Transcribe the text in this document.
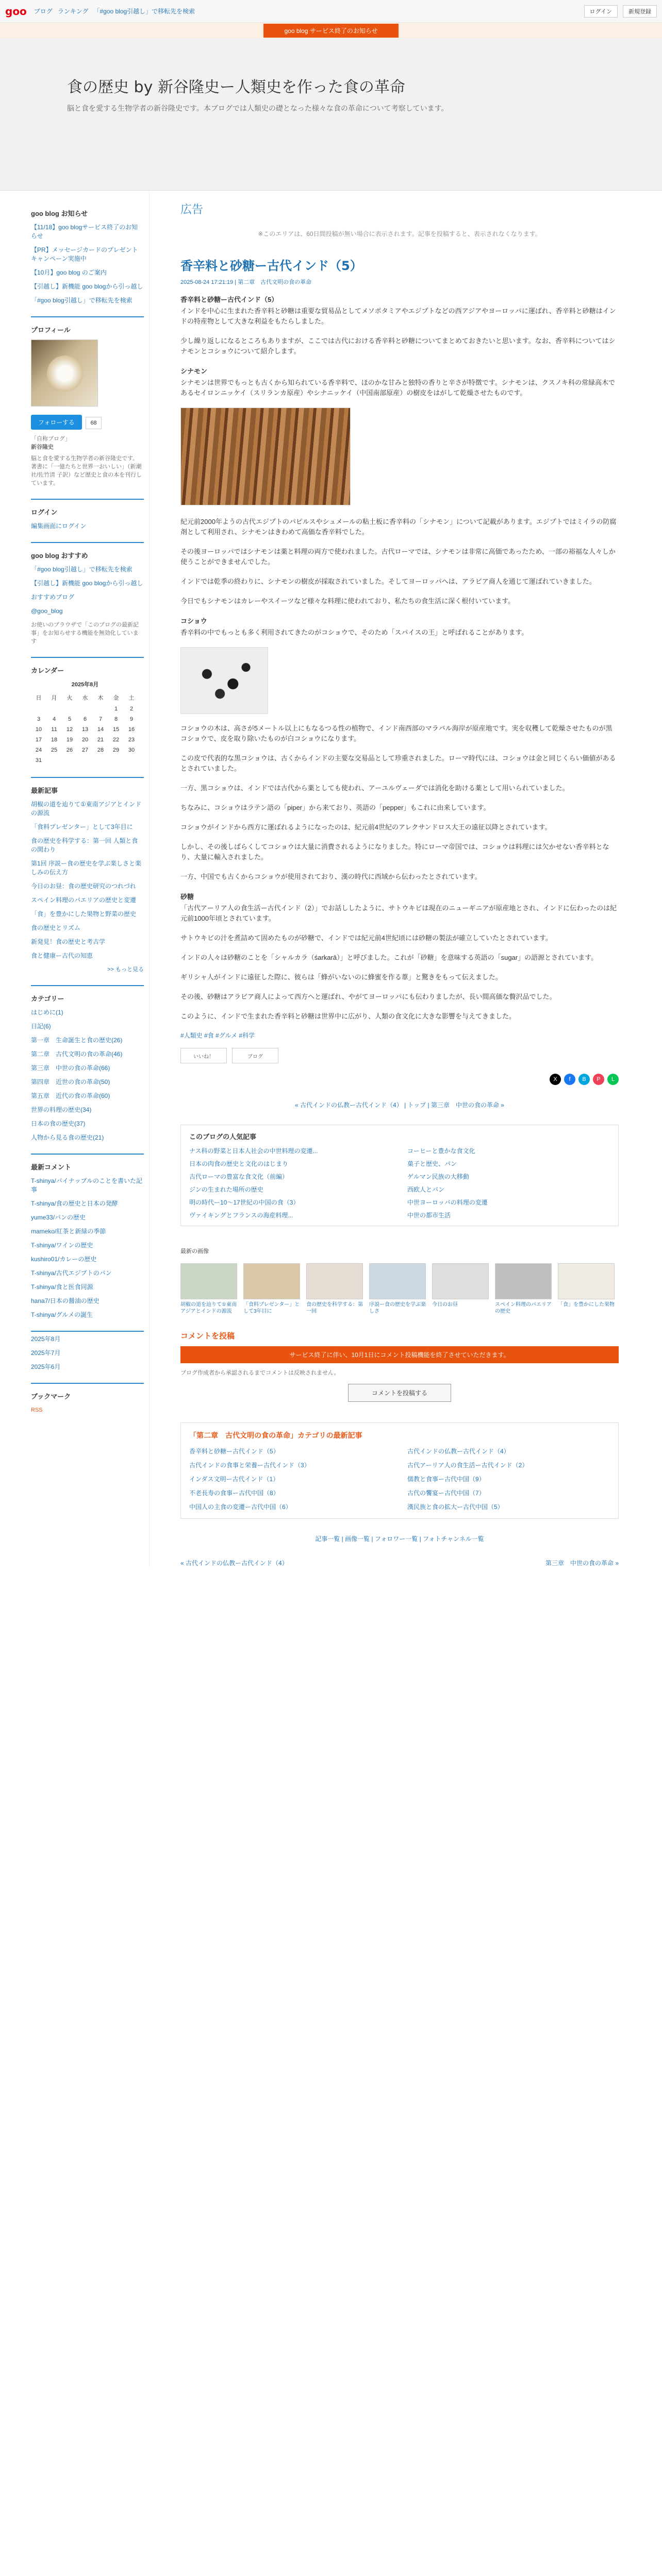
goo ブログ ランキング 「#goo blog引越し」で移転先を検索	ログイン	新規登録
goo blog サービス終了のお知らせ
食の歴史 by 新谷隆史ー人類史を作った食の革命
脳と食を愛する生物学者の新谷隆史です。本ブログでは人類史の礎となった様々な食の革命について考察しています。
goo blog お知らせ
【11/18】goo blogサービス終了のお知らせ
【PR】メッセージカードのプレゼントキャンペーン実施中
【10月】goo blog のご案内
【引越し】新機能 goo blogから引っ越し
「#goo blog引越し」で移転先を検索
プロフィール
フォローする	68

「自称ブログ」

新谷隆史

脳と食を愛する生物学者の新谷隆史です。著書に「一億たちと世界一おいしい」（新潮社/佐竹清 子訳）など歴史と食の本を刊行しています。

ログイン
編集画面にログイン
goo blog おすすめ
「#goo blog引越し」で移転先を検索
【引越し】新機能 goo blogから引っ越し
おすすめブログ
@goo_blog

お使いのブラウザで「このブログの最新記事」をお知らせする機能を無効化しています

カレンダー
2025年8月
日	月	火	水	木	金	土
					1	2
3	4	5	6	7	8	9
10	11	12	13	14	15	16
17	18	19	20	21	22	23
24	25	26	27	28	29	30
31						
最新記事
胡椒の道を辿りて①東南アジアとインドの源流
「食料プレゼンター」として3年目に
食の歴史を科学する：第一回 人類と食の関わり
第1回 序説ー食の歴史を学ぶ楽しさと楽しみの伝え方
今日のお昼：食の歴史研究のつれづれ
スペイン料理のパエリアの歴史と変遷
「食」を豊かにした果物と野菜の歴史
食の歴史とリズム
新発見！食の歴史と考古学
食と健康ー古代の知恵

>> もっと見る

カテゴリー
はじめに(1)
日記(6)
第一章　生命誕生と食の歴史(26)
第二章　古代文明の食の革命(46)
第三章　中世の食の革命(66)
第四章　近世の食の革命(50)
第五章　近代の食の革命(60)
世界の料理の歴史(34)
日本の食の歴史(37)
人物から見る食の歴史(21)
最新コメント
T-shinya/パイナップルのことを書いた記事
T-shinya/食の歴史と日本の発酵
yume33/パンの歴史
mameko/紅茶と新緑の季節
T-shinya/ワインの歴史
kushiro01/カレーの歴史
T-shinya/古代エジプトのパン
T-shinya/食と医食同源
hana7/日本の醤油の歴史
T-shinya/グルメの誕生
2025年8月
2025年7月
2025年6月
ブックマーク

RSS

広告
※このエリアは、60日間投稿が無い場合に表示されます。記事を投稿すると、表示されなくなります。
香辛料と砂糖ー古代インド（5）
2025-08-24 17:21:19 | 第二章　古代文明の食の革命
香辛料と砂糖ー古代インド（5）

インドを中心に生まれた香辛料と砂糖は重要な貿易品としてメソポタミアやエジプトなどの西アジアやヨーロッパに運ばれ、香辛料と砂糖はインドの特産物として大きな利益をもたらしました。

少し繰り返しになるところもありますが、ここでは古代における香辛料と砂糖についてまとめておきたいと思います。なお、香辛料についてはシナモンとコショウについて紹介します。

シナモン

シナモンは世界でもっとも古くから知られている香辛料で、ほのかな甘みと独特の香りと辛さが特徴です。シナモンは、クスノキ科の常緑高木であるセイロンニッケイ（スリランカ原産）やシナニッケイ（中国南部原産）の樹皮をはがして乾燥させたものです。

紀元前2000年ようの古代エジプトのパピルスやシュメールの粘土板に香辛料の「シナモン」について記載があります。エジプトではミイラの防腐剤として利用され、シナモンはきわめて高価な香辛料でした。

その後ヨーロッパではシナモンは薬と料理の両方で使われました。古代ローマでは、シナモンは非常に高価であったため、一部の裕福な人々しか使うことができませんでした。

インドでは乾季の終わりに、シナモンの樹皮が採取されていました。そしてヨーロッパへは、アラビア商人を通じて運ばれていきました。

今日でもシナモンはカレーやスイーツなど様々な料理に使われており、私たちの食生活に深く根付いています。

コショウ

香辛料の中でもっとも多く利用されてきたのがコショウで、そのため「スパイスの王」と呼ばれることがあります。

コショウの木は、高さが5メートル以上にもなるつる性の植物で、インド南西部のマラバル海岸が原産地です。実を収穫して乾燥させたものが黒コショウで、皮を取り除いたものが白コショウになります。

この皮で代表的な黒コショウは、古くからインドの主要な交易品として珍重されました。ローマ時代には、コショウは金と同じくらい価値があるとされていました。

一方、黒コショウは、インドでは古代から薬としても使われ、アーユルヴェーダでは消化を助ける薬として用いられていました。

ちなみに、コショウはラテン語の「piper」から来ており、英語の「pepper」もこれに由来しています。

コショウがインドから西方に運ばれるようになったのは、紀元前4世紀のアレクサンドロス大王の遠征以降とされています。

しかし、その後しばらくしてコショウは大量に消費されるようになりました。特にローマ帝国では、コショウは料理には欠かせない香辛料となり、大量に輸入されました。

一方、中国でも古くからコショウが使用されており、漢の時代に西域から伝わったとされています。

砂糖

「古代アーリア人の食生活ー古代インド（2）」でお話ししたように、サトウキビは現在のニューギニアが原産地とされ、インドに伝わったのは紀元前1000年頃とされています。

サトウキビの汁を煮詰めて固めたものが砂糖で、インドでは紀元前4世紀頃には砂糖の製法が確立していたとされています。

インドの人々は砂糖のことを「シャルカラ（śarkarā）」と呼びました。これが「砂糖」を意味する英語の「sugar」の語源とされています。

ギリシャ人がインドに遠征した際に、彼らは「蜂がいないのに蜂蜜を作る葦」と驚きをもって伝えました。

その後、砂糖はアラビア商人によって西方へと運ばれ、やがてヨーロッパにも伝わりましたが、長い間高価な贅沢品でした。

このように、インドで生まれた香辛料と砂糖は世界中に広がり、人類の食文化に大きな影響を与えてきました。

#人類史 #食 #グルメ #科学
いいね！	ブログ
X	f	B	P	L
« 古代インドの仏教ー古代インド（4） | トップ | 第三章　中世の食の革命 »
このブログの人気記事
ナス科の野菜と日本人社会の中世料理の変遷...	コーヒーと豊かな食文化
日本の肉食の歴史と文化のはじまり	菓子と歴史、パン
古代ローマの豊富な食文化（前編）	ゲルマン民族の大移動
ジンの生まれた場所の歴史	西欧人とパン
明の時代ー10〜17世紀の中国の食（3）	中世ヨーロッパの料理の変遷
ヴァイキングとフランスの海産料理...	中世の都市生活
最新の画像

胡椒の道を辿りて①東南アジアとインドの源流

「食料プレゼンター」として3年目に

食の歴史を科学する：第一回

序説ー食の歴史を学ぶ楽しさ

今日のお昼	スペイン料理のパエリアの歴史

「食」を豊かにした果物

コメントを投稿
サービス終了に伴い、10月1日にコメント投稿機能を終了させていただきます。
ブログ作成者から承認されるまでコメントは反映されません。
コメントを投稿する
「第二章　古代文明の食の革命」カテゴリの最新記事
香辛料と砂糖ー古代インド（5）	古代インドの仏教ー古代インド（4）
古代インドの食事と栄養ー古代インド（3）	古代アーリア人の食生活ー古代インド（2）
インダス文明ー古代インド（1）	儒教と食事ー古代中国（9）
不老長寿の食事ー古代中国（8）	古代の饗宴ー古代中国（7）
中国人の主食の変遷ー古代中国（6）	漢民族と食の拡大ー古代中国（5）
記事一覧 | 画像一覧 | フォロワー一覧 | フォトチャンネル一覧
« 古代インドの仏教ー古代インド（4）	第三章　中世の食の革命 »
